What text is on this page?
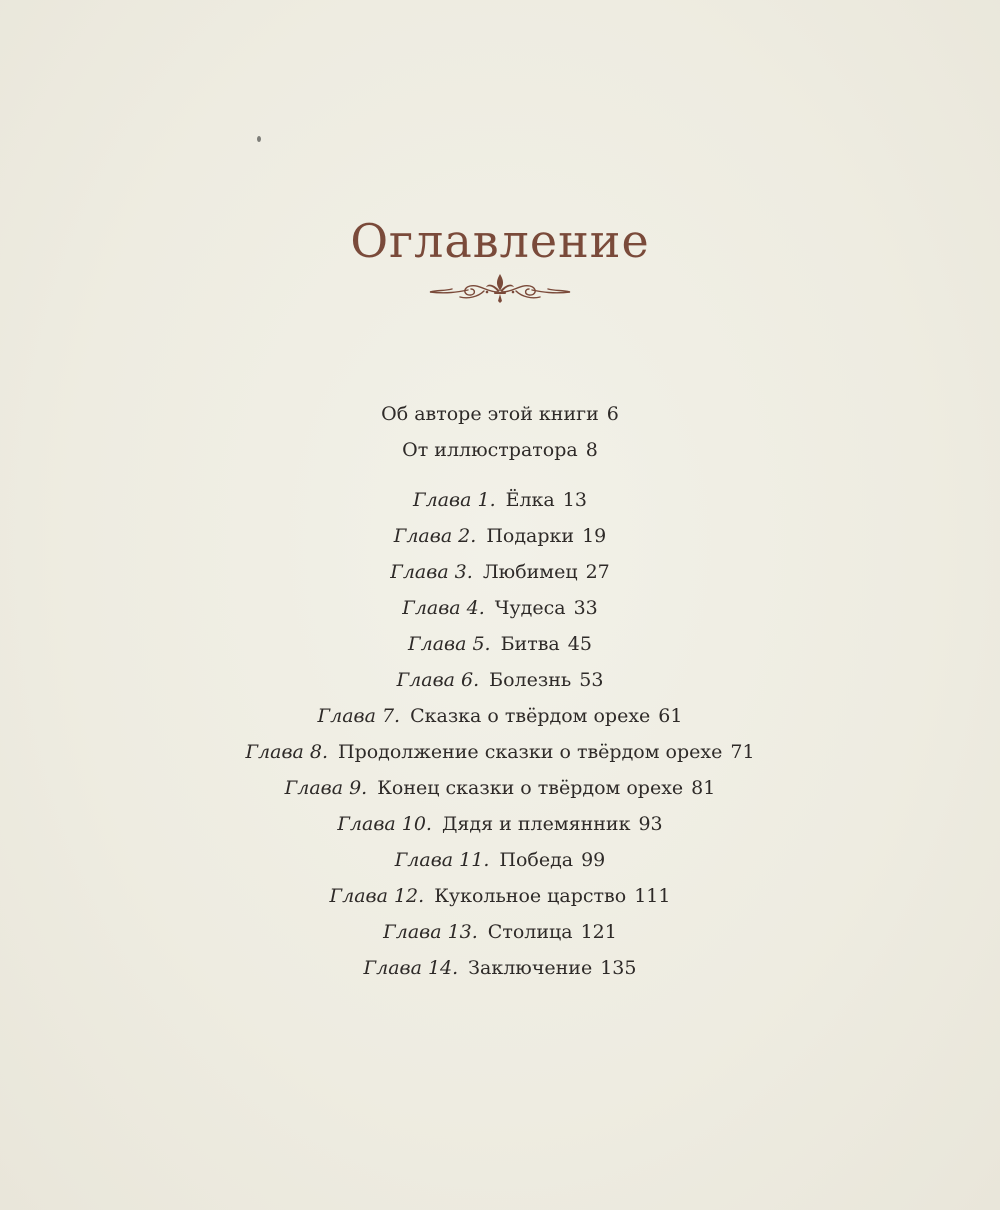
Оглавление
Об авторе этой книги 6
От иллюстратора 8
Глава 1. Ёлка 13
Глава 2. Подарки 19
Глава 3. Любимец 27
Глава 4. Чудеса 33
Глава 5. Битва 45
Глава 6. Болезнь 53
Глава 7. Сказка о твёрдом орехе 61
Глава 8. Продолжение сказки о твёрдом орехе 71
Глава 9. Конец сказки о твёрдом орехе 81
Глава 10. Дядя и племянник 93
Глава 11. Победа 99
Глава 12. Кукольное царство 111
Глава 13. Столица 121
Глава 14. Заключение 135
